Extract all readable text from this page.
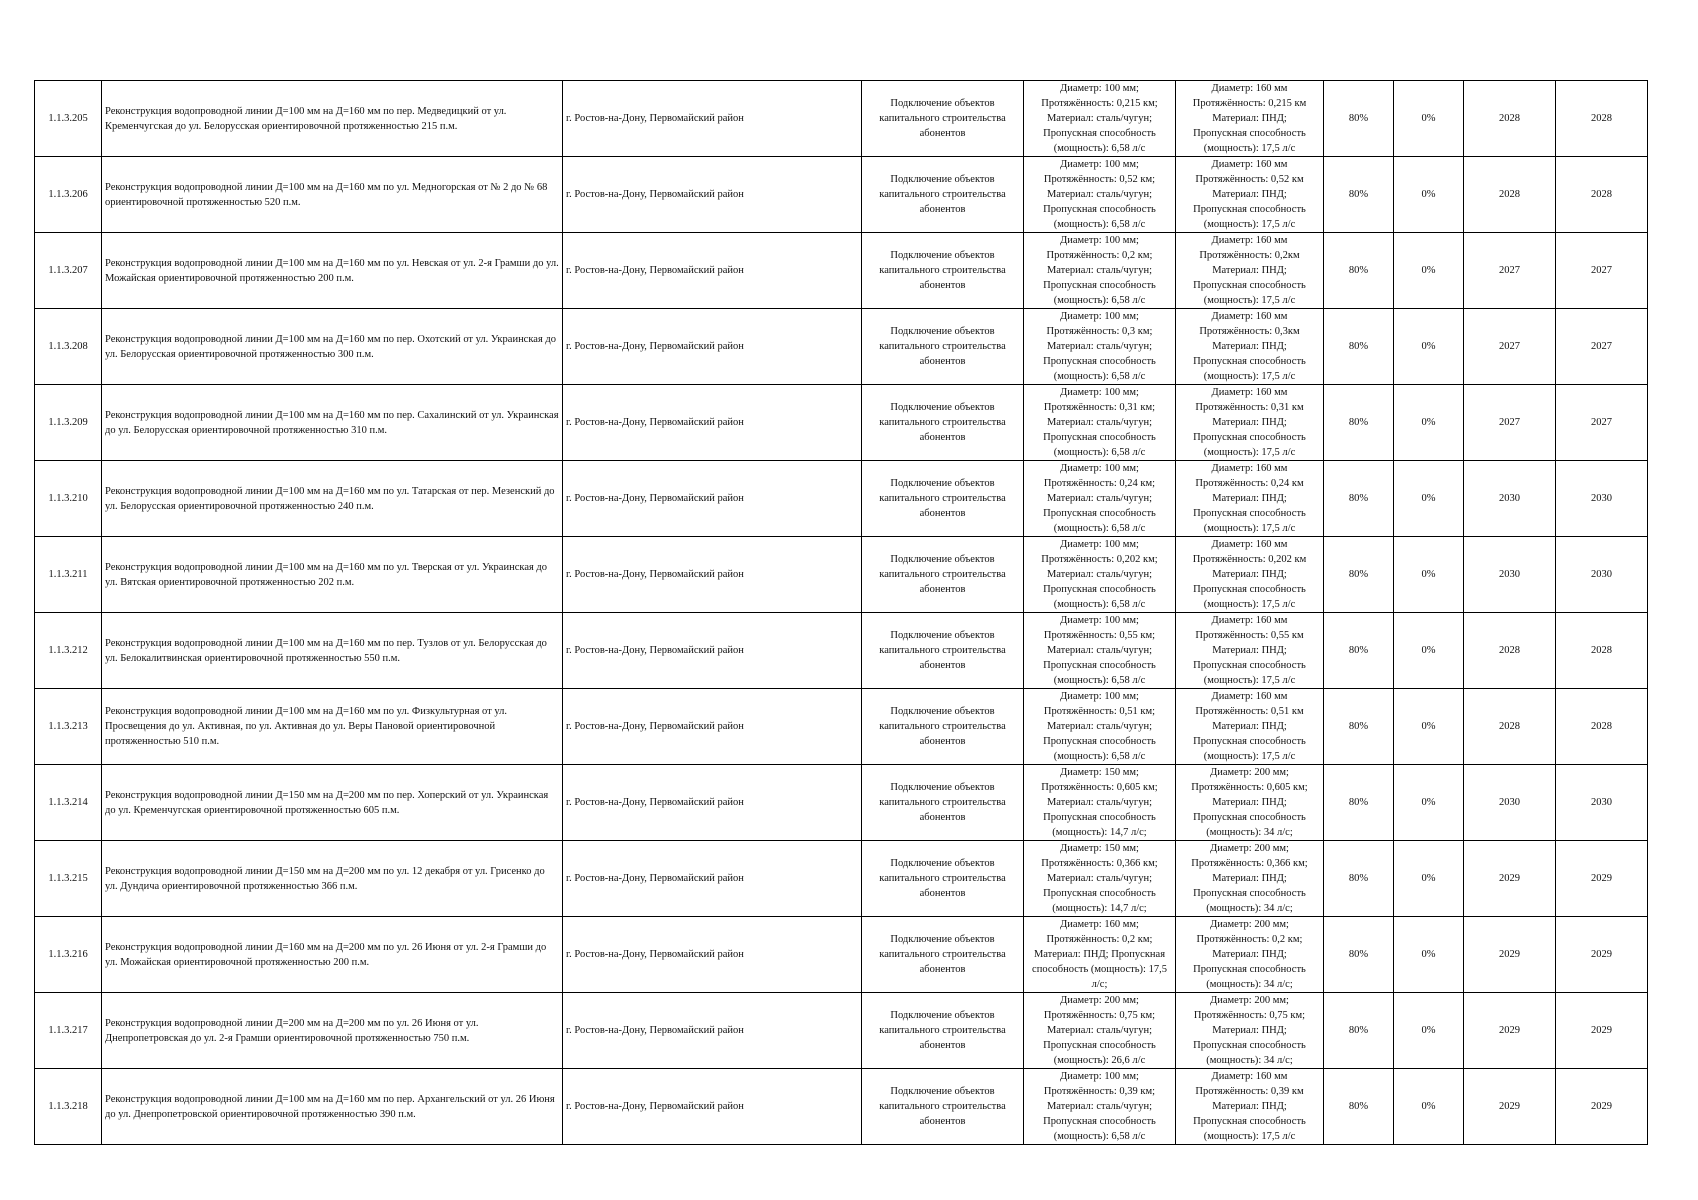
1.1.3.205	Реконструкция водопроводной линии Д=100 мм на Д=160 мм по пер. Медведицкий от ул. Кременчугская до ул. Белорусская ориентировочной протяженностью 215 п.м.	г. Ростов-на-Дону, Первомайский район	Подключение объектов капитального строительства абонентов	Диаметр: 100 мм;
Протяжённость: 0,215 км;
Материал: сталь/чугун;
Пропускная способность
(мощность): 6,58 л/с	Диаметр: 160 мм
Протяжённость: 0,215 км
Материал: ПНД;
Пропускная способность
(мощность): 17,5 л/с	80%	0%	2028	2028
1.1.3.206	Реконструкция водопроводной линии Д=100 мм на Д=160 мм по ул. Медногорская от № 2 до № 68 ориентировочной протяженностью 520 п.м.	г. Ростов-на-Дону, Первомайский район	Подключение объектов капитального строительства абонентов	Диаметр: 100 мм;
Протяжённость: 0,52 км;
Материал: сталь/чугун;
Пропускная способность
(мощность): 6,58 л/с	Диаметр: 160 мм
Протяжённость: 0,52 км
Материал: ПНД;
Пропускная способность
(мощность): 17,5 л/с	80%	0%	2028	2028
1.1.3.207	Реконструкция водопроводной линии Д=100 мм на Д=160 мм по ул. Невская от ул. 2-я Грамши до ул. Можайская ориентировочной протяженностью 200 п.м.	г. Ростов-на-Дону, Первомайский район	Подключение объектов капитального строительства абонентов	Диаметр: 100 мм;
Протяжённость: 0,2 км;
Материал: сталь/чугун;
Пропускная способность
(мощность): 6,58 л/с	Диаметр: 160 мм
Протяжённость: 0,2км
Материал: ПНД;
Пропускная способность
(мощность): 17,5 л/с	80%	0%	2027	2027
1.1.3.208	Реконструкция водопроводной линии Д=100 мм на Д=160 мм по пер. Охотский от ул. Украинская до ул. Белорусская ориентировочной протяженностью 300 п.м.	г. Ростов-на-Дону, Первомайский район	Подключение объектов капитального строительства абонентов	Диаметр: 100 мм;
Протяжённость: 0,3 км;
Материал: сталь/чугун;
Пропускная способность
(мощность): 6,58 л/с	Диаметр: 160 мм
Протяжённость: 0,3км
Материал: ПНД;
Пропускная способность
(мощность): 17,5 л/с	80%	0%	2027	2027
1.1.3.209	Реконструкция водопроводной линии Д=100 мм на Д=160 мм по пер. Сахалинский от ул. Украинская до ул. Белорусская ориентировочной протяженностью 310 п.м.	г. Ростов-на-Дону, Первомайский район	Подключение объектов капитального строительства абонентов	Диаметр: 100 мм;
Протяжённость: 0,31 км;
Материал: сталь/чугун;
Пропускная способность
(мощность): 6,58 л/с	Диаметр: 160 мм
Протяжённость: 0,31 км
Материал: ПНД;
Пропускная способность
(мощность): 17,5 л/с	80%	0%	2027	2027
1.1.3.210	Реконструкция водопроводной линии Д=100 мм на Д=160 мм по ул. Татарская от пер. Мезенский до ул. Белорусская ориентировочной протяженностью 240 п.м.	г. Ростов-на-Дону, Первомайский район	Подключение объектов капитального строительства абонентов	Диаметр: 100 мм;
Протяжённость: 0,24 км;
Материал: сталь/чугун;
Пропускная способность
(мощность): 6,58 л/с	Диаметр: 160 мм
Протяжённость: 0,24 км
Материал: ПНД;
Пропускная способность
(мощность): 17,5 л/с	80%	0%	2030	2030
1.1.3.211	Реконструкция водопроводной линии Д=100 мм на Д=160 мм по ул. Тверская от ул. Украинская до ул. Вятская ориентировочной протяженностью 202 п.м.	г. Ростов-на-Дону, Первомайский район	Подключение объектов капитального строительства абонентов	Диаметр: 100 мм;
Протяжённость: 0,202 км;
Материал: сталь/чугун;
Пропускная способность
(мощность): 6,58 л/с	Диаметр: 160 мм
Протяжённость: 0,202 км
Материал: ПНД;
Пропускная способность
(мощность): 17,5 л/с	80%	0%	2030	2030
1.1.3.212	Реконструкция водопроводной линии Д=100 мм на Д=160 мм по пер. Тузлов от ул. Белорусская до ул. Белокалитвинская ориентировочной протяженностью 550 п.м.	г. Ростов-на-Дону, Первомайский район	Подключение объектов капитального строительства абонентов	Диаметр: 100 мм;
Протяжённость: 0,55 км;
Материал: сталь/чугун;
Пропускная способность
(мощность): 6,58 л/с	Диаметр: 160 мм
Протяжённость: 0,55 км
Материал: ПНД;
Пропускная способность
(мощность): 17,5 л/с	80%	0%	2028	2028
1.1.3.213	Реконструкция водопроводной линии Д=100 мм на Д=160 мм по ул. Физкультурная от ул. Просвещения до ул. Активная, по ул. Активная до ул. Веры Пановой ориентировочной протяженностью 510 п.м.	г. Ростов-на-Дону, Первомайский район	Подключение объектов капитального строительства абонентов	Диаметр: 100 мм;
Протяжённость: 0,51 км;
Материал: сталь/чугун;
Пропускная способность
(мощность): 6,58 л/с	Диаметр: 160 мм
Протяжённость: 0,51 км
Материал: ПНД;
Пропускная способность
(мощность): 17,5 л/с	80%	0%	2028	2028
1.1.3.214	Реконструкция водопроводной линии Д=150 мм на Д=200 мм по пер. Хоперский от ул. Украинская до ул. Кременчугская ориентировочной протяженностью 605 п.м.	г. Ростов-на-Дону, Первомайский район	Подключение объектов капитального строительства абонентов	Диаметр: 150 мм;
Протяжённость: 0,605 км;
Материал: сталь/чугун;
Пропускная способность
(мощность): 14,7 л/с;	Диаметр: 200 мм;
Протяжённость: 0,605 км;
Материал: ПНД;
Пропускная способность
(мощность): 34 л/с;	80%	0%	2030	2030
1.1.3.215	Реконструкция водопроводной линии Д=150 мм на Д=200 мм по ул. 12 декабря от ул. Грисенко до ул. Дундича ориентировочной протяженностью 366 п.м.	г. Ростов-на-Дону, Первомайский район	Подключение объектов капитального строительства абонентов	Диаметр: 150 мм;
Протяжённость: 0,366 км;
Материал: сталь/чугун;
Пропускная способность
(мощность): 14,7 л/с;	Диаметр: 200 мм;
Протяжённость: 0,366 км;
Материал: ПНД;
Пропускная способность
(мощность): 34 л/с;	80%	0%	2029	2029
1.1.3.216	Реконструкция водопроводной линии Д=160 мм на Д=200 мм по ул. 26 Июня от ул. 2-я Грамши до ул. Можайская ориентировочной протяженностью 200 п.м.	г. Ростов-на-Дону, Первомайский район	Подключение объектов капитального строительства абонентов	Диаметр: 160 мм;
Протяжённость: 0,2 км;
Материал: ПНД; Пропускная
способность (мощность): 17,5
л/с;	Диаметр: 200 мм;
Протяжённость: 0,2 км;
Материал: ПНД;
Пропускная способность
(мощность): 34 л/с;	80%	0%	2029	2029
1.1.3.217	Реконструкция водопроводной линии Д=200 мм на Д=200 мм по ул. 26 Июня от ул. Днепропетровская до ул. 2-я Грамши ориентировочной протяженностью 750 п.м.	г. Ростов-на-Дону, Первомайский район	Подключение объектов капитального строительства абонентов	Диаметр: 200 мм;
Протяжённость: 0,75 км;
Материал: сталь/чугун;
Пропускная способность
(мощность): 26,6 л/с	Диаметр: 200 мм;
Протяжённость: 0,75 км;
Материал: ПНД;
Пропускная способность
(мощность): 34 л/с;	80%	0%	2029	2029
1.1.3.218	Реконструкция водопроводной линии Д=100 мм на Д=160 мм по пер. Архангельский от ул. 26 Июня до ул. Днепропетровской ориентировочной протяженностью 390 п.м.	г. Ростов-на-Дону, Первомайский район	Подключение объектов капитального строительства абонентов	Диаметр: 100 мм;
Протяжённость: 0,39 км;
Материал: сталь/чугун;
Пропускная способность
(мощность): 6,58 л/с	Диаметр: 160 мм
Протяжённость: 0,39 км
Материал: ПНД;
Пропускная способность
(мощность): 17,5 л/с	80%	0%	2029	2029
